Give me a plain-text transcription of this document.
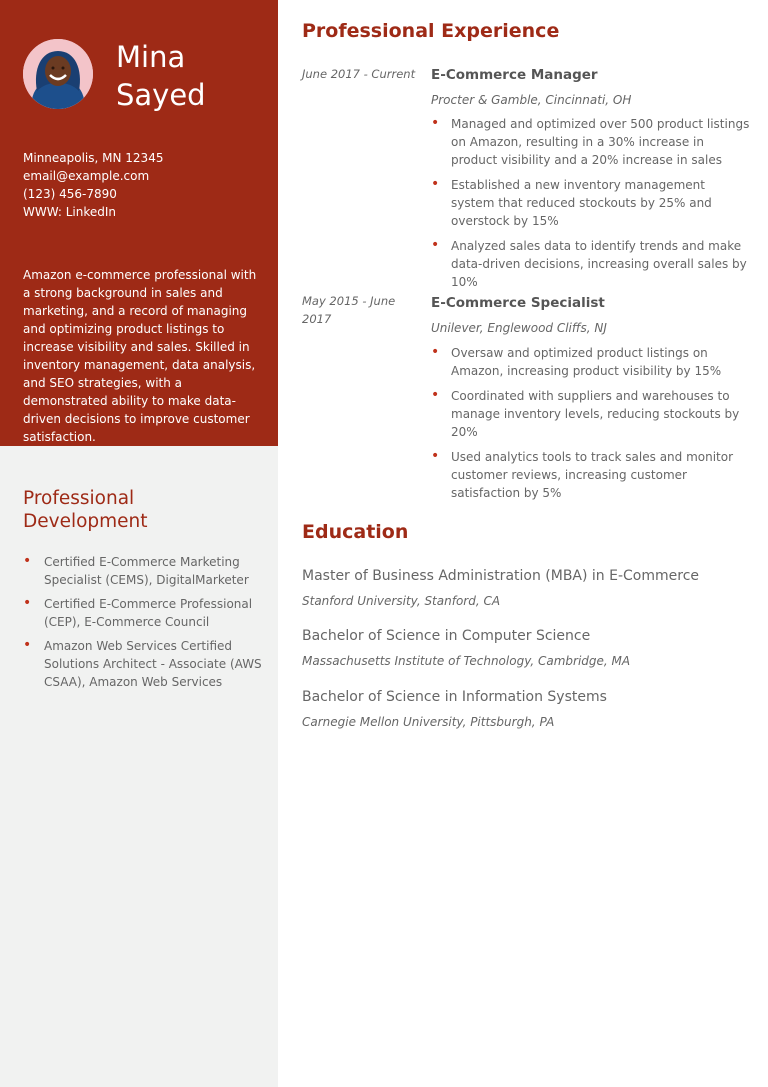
Mina
Sayed
Minneapolis, MN 12345
email@example.com
(123) 456-7890
WWW: LinkedIn

Amazon e-commerce professional with a strong background in sales and marketing, and a record of managing and optimizing product listings to increase visibility and sales. Skilled in inventory management, data analysis, and SEO strategies, with a demonstrated ability to make data-driven decisions to improve customer satisfaction.

Professional
Development
• Certified E-Commerce Marketing Specialist (CEMS), DigitalMarketer
• Certified E-Commerce Professional (CEP), E-Commerce Council
• Amazon Web Services Certified Solutions Architect - Associate (AWS CSAA), Amazon Web Services
Professional Experience
June 2017 - Current E-Commerce Manager
Procter & Gamble, Cincinnati, OH
• Managed and optimized over 500 product listings on Amazon, resulting in a 30% increase in product visibility and a 20% increase in sales
• Established a new inventory management system that reduced stockouts by 25% and overstock by 15%
• Analyzed sales data to identify trends and make data-driven decisions, increasing overall sales by 10%
May 2015 - June 2017
E-Commerce Specialist
Unilever, Englewood Cliffs, NJ
• Oversaw and optimized product listings on Amazon, increasing product visibility by 15%
• Coordinated with suppliers and warehouses to manage inventory levels, reducing stockouts by 20%
• Used analytics tools to track sales and monitor customer reviews, increasing customer satisfaction by 5%
Education
Master of Business Administration (MBA) in E-Commerce
Stanford University, Stanford, CA
Bachelor of Science in Computer Science
Massachusetts Institute of Technology, Cambridge, MA
Bachelor of Science in Information Systems
Carnegie Mellon University, Pittsburgh, PA
